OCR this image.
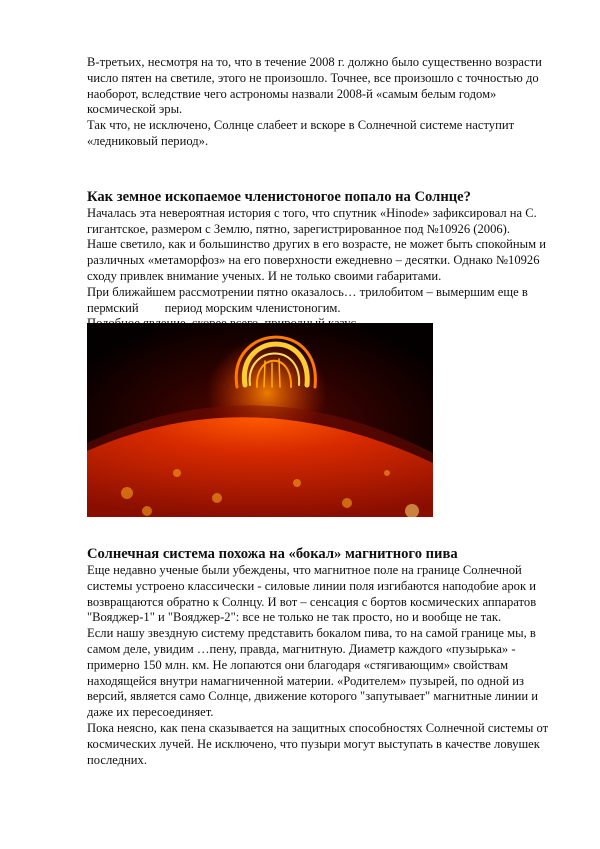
В-третьих, несмотря на то, что в течение 2008 г. должно было существенно возрасти число пятен на светиле, этого не произошло. Точнее, все произошло с точностью до наоборот, вследствие чего астрономы назвали 2008-й «самым белым годом» космической эры.

Так что, не исключено, Солнце слабеет и вскоре в Солнечной системе наступит «ледниковый период».

Как земное ископаемое членистоногое попало на Солнце?

Началась эта невероятная история с того, что спутник «Hinode» зафиксировал на С. гигантское, размером с Землю, пятно, зарегистрированное под №10926 (2006).

Наше светило, как и большинство других в его возрасте, не может быть спокойным и различных «метаморфоз» на его поверхности ежедневно – десятки. Однако №10926 сходу привлек внимание ученых. И не только своими габаритами.

При ближайшем рассмотрении пятно оказалось… трилобитом – вымершим еще в
пермский период морским членистоногим.

Солнечная система похожа на «бокал» магнитного пива

Еще недавно ученые были убеждены, что магнитное поле на границе Солнечной системы устроено классически - силовые линии поля изгибаются наподобие арок и возвращаются обратно к Солнцу. И вот – сенсация с бортов космических аппаратов "Вояджер-1" и "Вояджер-2": все не только не так просто, но и вообще не так.

Если нашу звездную систему представить бокалом пива, то на самой границе мы, в самом деле, увидим …пену, правда, магнитную. Диаметр каждого «пузырька» - примерно 150 млн. км. Не лопаются они благодаря «стягивающим» свойствам находящейся внутри намагниченной материи. «Родителем» пузырей, по одной из версий, является само Солнце, движение которого "запутывает" магнитные линии и даже их пересоединяет.

Пока неясно, как пена сказывается на защитных способностях Солнечной системы от космических лучей. Не исключено, что пузыри могут выступать в качестве ловушек последних.
